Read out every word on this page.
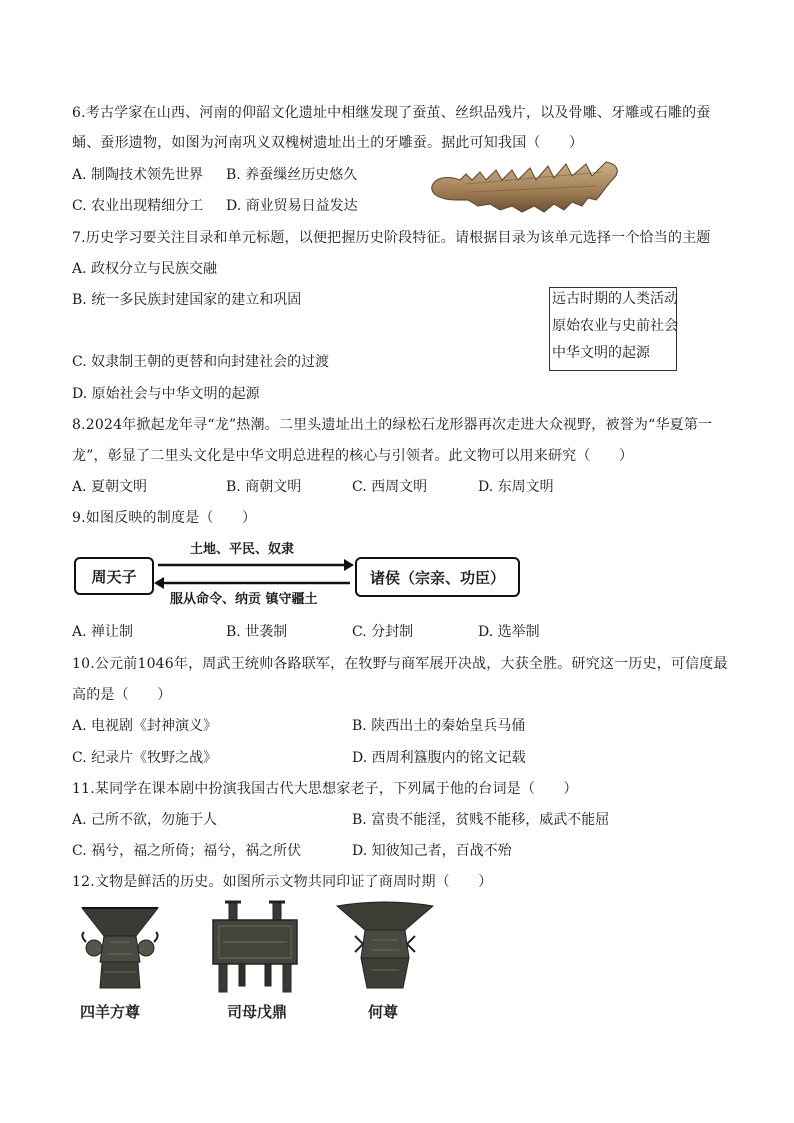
6.考古学家在山西、河南的仰韶文化遗址中相继发现了蚕茧、丝织品残片，以及骨雕、牙雕或石雕的蚕
蛹、蚕形遗物，如图为河南巩义双槐树遗址出土的牙雕蚕。据此可知我国（　　）
A. 制陶技术领先世界 B. 养蚕缫丝历史悠久
C. 农业出现精细分工 D. 商业贸易日益发达
7.历史学习要关注目录和单元标题，以便把握历史阶段特征。请根据目录为该单元选择一个恰当的主题
A. 政权分立与民族交融
B. 统一多民族封建国家的建立和巩固	远古时期的人类活动
原始农业与史前社会
中华文明的起源
C. 奴隶制王朝的更替和向封建社会的过渡
D. 原始社会与中华文明的起源
8.2024年掀起龙年寻“龙”热潮。二里头遗址出土的绿松石龙形器再次走进大众视野，被誉为“华夏第一
龙”，彰显了二里头文化是中华文明总进程的核心与引领者。此文物可以用来研究（　　）
A. 夏朝文明	B. 商朝文明	C. 西周文明	D. 东周文明
9.如图反映的制度是（　　）
周天子	诸侯（宗亲、功臣）
土地、平民、奴隶
服从命令、纳贡 镇守疆土
A. 禅让制	B. 世袭制	C. 分封制	D. 选举制
10.公元前1046年，周武王统帅各路联军，在牧野与商军展开决战，大获全胜。研究这一历史，可信度最
高的是（　　）
A. 电视剧《封神演义》	B. 陕西出土的秦始皇兵马俑
C. 纪录片《牧野之战》	D. 西周利簋腹内的铭文记载
11.某同学在课本剧中扮演我国古代大思想家老子，下列属于他的台词是（　　）
A. 己所不欲，勿施于人	B. 富贵不能淫，贫贱不能移，威武不能屈
C. 祸兮，福之所倚；福兮，祸之所伏	D. 知彼知己者，百战不殆
12.文物是鲜活的历史。如图所示文物共同印证了商周时期（　　）
四羊方尊	司母戊鼎	何尊
